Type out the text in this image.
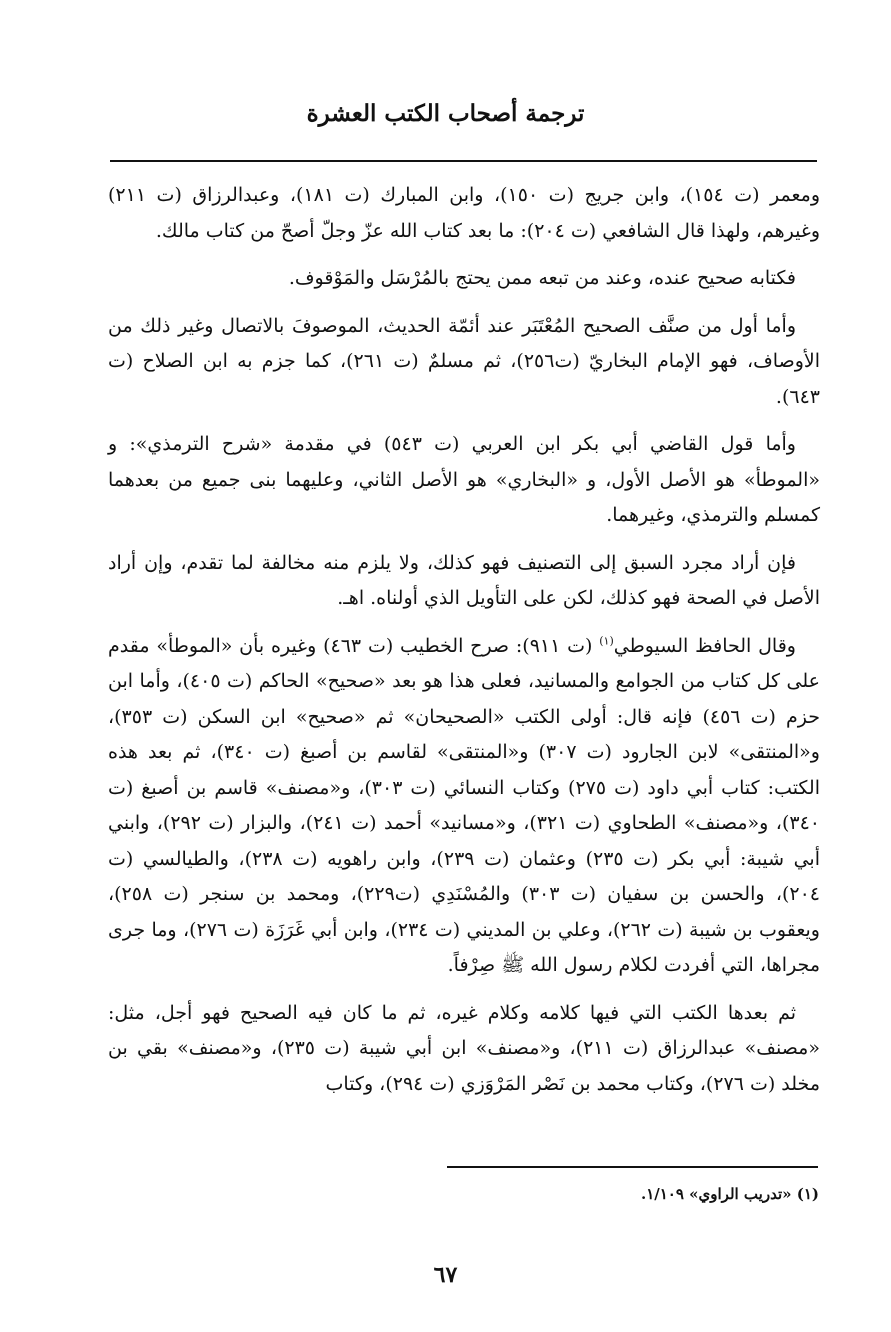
ترجمة أصحاب الكتب العشرة

ومعمر (ت ١٥٤)، وابن جريج (ت ١٥٠)، وابن المبارك (ت ١٨١)، وعبدالرزاق (ت ٢١١) وغيرهم، ولهذا قال الشافعي (ت ٢٠٤): ما بعد كتاب الله عزّ وجلّ أصحّ من كتاب مالك.

فكتابه صحيح عنده، وعند من تبعه ممن يحتج بالمُرْسَل والمَوْقوف.

وأما أول من صنَّف الصحيح المُعْتَبَر عند أئمّة الحديث، الموصوفَ بالاتصال وغير ذلك من الأوصاف، فهو الإمام البخاريّ (ت٢٥٦)، ثم مسلمٌ (ت ٢٦١)، كما جزم به ابن الصلاح (ت ٦٤٣).

وأما قول القاضي أبي بكر ابن العربي (ت ٥٤٣) في مقدمة «شرح الترمذي»: و «الموطأ» هو الأصل الأول، و «البخاري» هو الأصل الثاني، وعليهما بنى جميع من بعدهما كمسلم والترمذي، وغيرهما.

فإن أراد مجرد السبق إلى التصنيف فهو كذلك، ولا يلزم منه مخالفة لما تقدم، وإن أراد الأصل في الصحة فهو كذلك، لكن على التأويل الذي أولناه. اهـ.

وقال الحافظ السيوطي$^{(١)}$ (ت ٩١١): صرح الخطيب (ت ٤٦٣) وغيره بأن «الموطأ» مقدم على كل كتاب من الجوامع والمسانيد، فعلى هذا هو بعد «صحيح» الحاكم (ت ٤٠٥)، وأما ابن حزم (ت ٤٥٦) فإنه قال: أولى الكتب «الصحيحان» ثم «صحيح» ابن السكن (ت ٣٥٣)، و«المنتقى» لابن الجارود (ت ٣٠٧) و«المنتقى» لقاسم بن أصبغ (ت ٣٤٠)، ثم بعد هذه الكتب: كتاب أبي داود (ت ٢٧٥) وكتاب النسائي (ت ٣٠٣)، و«مصنف» قاسم بن أصبغ (ت ٣٤٠)، و«مصنف» الطحاوي (ت ٣٢١)، و«مسانيد» أحمد (ت ٢٤١)، والبزار (ت ٢٩٢)، وابني أبي شيبة: أبي بكر (ت ٢٣٥) وعثمان (ت ٢٣٩)، وابن راهويه (ت ٢٣٨)، والطيالسي (ت ٢٠٤)، والحسن بن سفيان (ت ٣٠٣) والمُسْنَدِي (ت٢٢٩)، ومحمد بن سنجر (ت ٢٥٨)، ويعقوب بن شيبة (ت ٢٦٢)، وعلي بن المديني (ت ٢٣٤)، وابن أبي غَرَزَة (ت ٢٧٦)، وما جرى مجراها، التي أفردت لكلام رسول الله ﷺ صِرْفاً.

ثم بعدها الكتب التي فيها كلامه وكلام غيره، ثم ما كان فيه الصحيح فهو أجل، مثل: «مصنف» عبدالرزاق (ت ٢١١)، و«مصنف» ابن أبي شيبة (ت ٢٣٥)، و«مصنف» بقي بن مخلد (ت ٢٧٦)، وكتاب محمد بن نَصْر المَرْوَزي (ت ٢٩٤)، وكتاب

(١) «تدريب الراوي» ١/١٠٩.
٦٧
